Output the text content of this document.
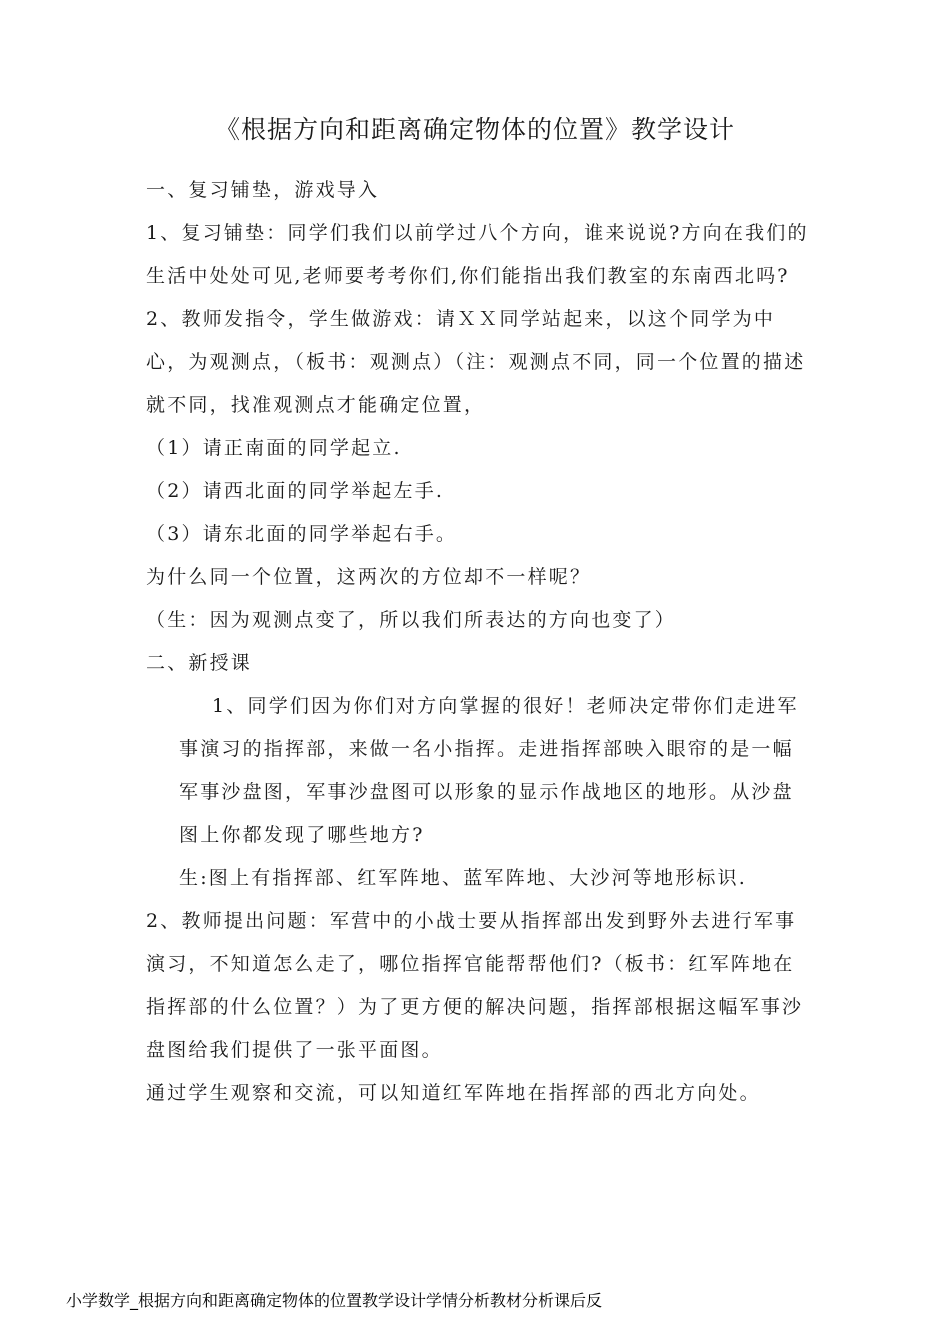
《根据方向和距离确定物体的位置》教学设计

一、复习铺垫，游戏导入

1、复习铺垫：同学们我们以前学过八个方向，谁来说说?方向在我们的生活中处处可见,老师要考考你们,你们能指出我们教室的东南西北吗?

2、教师发指令，学生做游戏：请ＸＸ同学站起来，以这个同学为中心，为观测点，（板书：观测点）（注：观测点不同，同一个位置的描述就不同，找准观测点才能确定位置，

（1）请正南面的同学起立.

（2）请西北面的同学举起左手.

（3）请东北面的同学举起右手。

为什么同一个位置，这两次的方位却不一样呢？

（生：因为观测点变了，所以我们所表达的方向也变了）

二、新授课

1、同学们因为你们对方向掌握的很好！老师决定带你们走进军事演习的指挥部，来做一名小指挥。走进指挥部映入眼帘的是一幅军事沙盘图，军事沙盘图可以形象的显示作战地区的地形。从沙盘图上你都发现了哪些地方?

生:图上有指挥部、红军阵地、蓝军阵地、大沙河等地形标识.

2、教师提出问题：军营中的小战士要从指挥部出发到野外去进行军事演习，不知道怎么走了，哪位指挥官能帮帮他们?（板书：红军阵地在指挥部的什么位置？）为了更方便的解决问题，指挥部根据这幅军事沙盘图给我们提供了一张平面图。

通过学生观察和交流，可以知道红军阵地在指挥部的西北方向处。

小学数学_根据方向和距离确定物体的位置教学设计学情分析教材分析课后反
